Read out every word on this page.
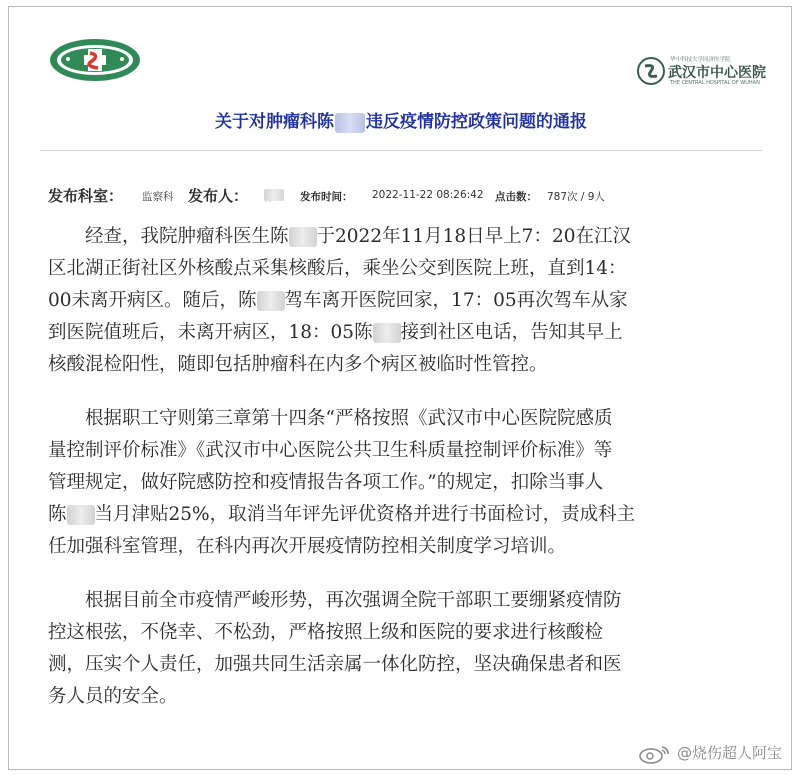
华中科技大学同济医学院
武汉市中心医院
THE CENTRAL HOSPITAL OF WUHAN
关于对肿瘤科陈 违反疫情防控政策问题的通报
发布科室： 监察科 发布人：	发布时间： 2022-11-22 08:26:42 点击数： 787次 / 9人
经查，我院肿瘤科医生陈 于2022年11月18日早上7：20在江汉
区北湖正街社区外核酸点采集核酸后，乘坐公交到医院上班，直到14：
00未离开病区。随后，陈 驾车离开医院回家，17：05再次驾车从家
到医院值班后，未离开病区，18：05陈 接到社区电话，告知其早上
核酸混检阳性，随即包括肿瘤科在内多个病区被临时性管控。
根据职工守则第三章第十四条“严格按照《武汉市中心医院院感质
量控制评价标准》《武汉市中心医院公共卫生科质量控制评价标准》等
管理规定，做好院感防控和疫情报告各项工作。”的规定，扣除当事人
陈 当月津贴25%，取消当年评先评优资格并进行书面检讨，责成科主
任加强科室管理，在科内再次开展疫情防控相关制度学习培训。
根据目前全市疫情严峻形势，再次强调全院干部职工要绷紧疫情防
控这根弦，不侥幸、不松劲，严格按照上级和医院的要求进行核酸检
测，压实个人责任，加强共同生活亲属一体化防控，坚决确保患者和医
务人员的安全。
@烧伤超人阿宝
